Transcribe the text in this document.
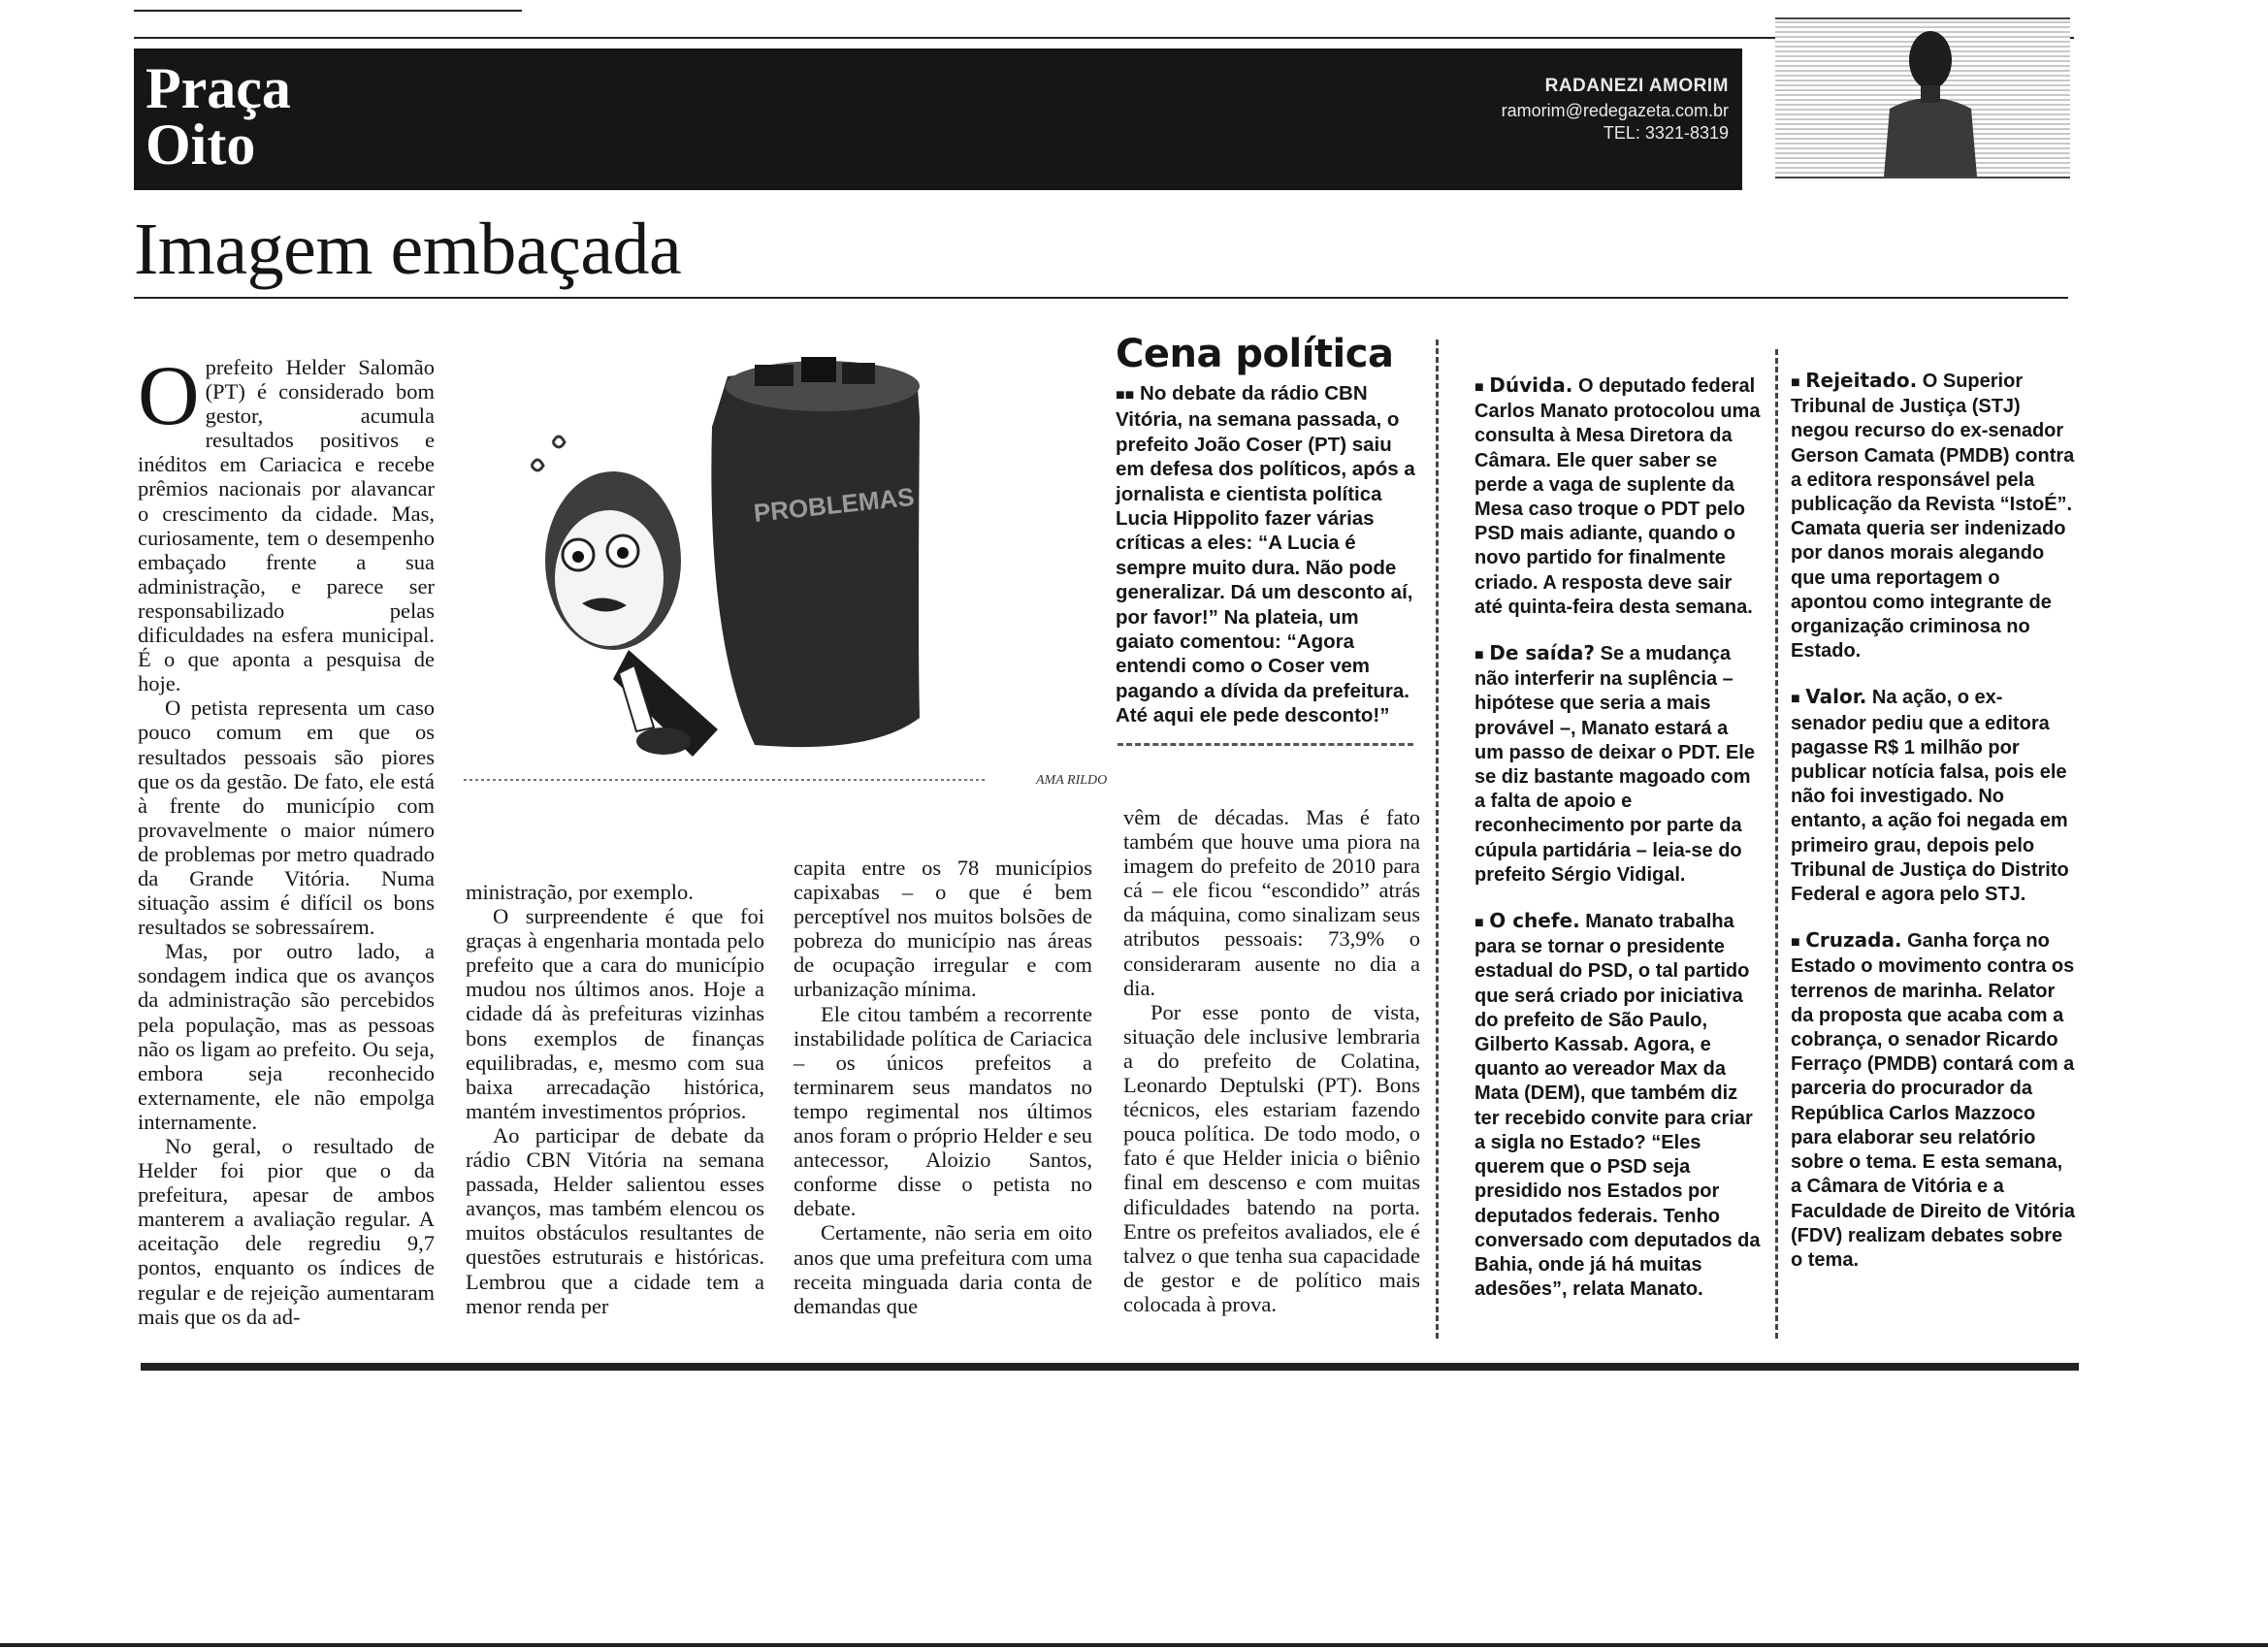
Praça
Oito
RADANEZI AMORIM
ramorim@redegazeta.com.br
TEL: 3321-8319
Imagem embaçada

Oprefeito Helder Salomão (PT) é considerado bom gestor, acumula resultados positivos e inéditos em Cariacica e recebe prêmios nacionais por alavancar o crescimento da cidade. Mas, curiosamente, tem o desempenho embaçado frente a sua administração, e parece ser responsabilizado pelas dificuldades na esfera municipal. É o que aponta a pesquisa de hoje.

O petista representa um caso pouco comum em que os resultados pessoais são piores que os da gestão. De fato, ele está à frente do município com provavelmente o maior número de problemas por metro quadrado da Grande Vitória. Numa situação assim é difícil os bons resultados se sobressaírem.

Mas, por outro lado, a sondagem indica que os avanços da administração são percebidos pela população, mas as pessoas não os ligam ao prefeito. Ou seja, embora seja reconhecido externamente, ele não empolga internamente.

No geral, o resultado de Helder foi pior que o da prefeitura, apesar de ambos manterem a avaliação regular. A aceitação dele regrediu 9,7 pontos, enquanto os índices de regular e de rejeição aumentaram mais que os da ad-

PROBLEMAS
AMA RILDO

ministração, por exemplo.

O surpreendente é que foi graças à engenharia montada pelo prefeito que a cara do município mudou nos últimos anos. Hoje a cidade dá às prefeituras vizinhas bons exemplos de finanças equilibradas, e, mesmo com sua baixa arrecadação histórica, mantém investimentos próprios.

Ao participar de debate da rádio CBN Vitória na semana passada, Helder salientou esses avanços, mas também elencou os muitos obstáculos resultantes de questões estruturais e históricas. Lembrou que a cidade tem a menor renda per

capita entre os 78 municípios capixabas – o que é bem perceptível nos muitos bolsões de pobreza do município nas áreas de ocupação irregular e com urbanização mínima.

Ele citou também a recorrente instabilidade política de Cariacica – os únicos prefeitos a terminarem seus mandatos no tempo regimental nos últimos anos foram o próprio Helder e seu antecessor, Aloizio Santos, conforme disse o petista no debate.

Certamente, não seria em oito anos que uma prefeitura com uma receita minguada daria conta de demandas que

vêm de décadas. Mas é fato também que houve uma piora na imagem do prefeito de 2010 para cá – ele ficou “escondido” atrás da máquina, como sinalizam seus atributos pessoais: 73,9% o consideraram ausente no dia a dia.

Por esse ponto de vista, situação dele inclusive lembraria a do prefeito de Colatina, Leonardo Deptulski (PT). Bons técnicos, eles estariam fazendo pouca política. De todo modo, o fato é que Helder inicia o biênio final em descenso e com muitas dificuldades batendo na porta. Entre os prefeitos avaliados, ele é talvez o que tenha sua capacidade de gestor e de político mais colocada à prova.

Cena política
■■ No debate da rádio CBN Vitória, na semana passada, o prefeito João Coser (PT) saiu em defesa dos políticos, após a jornalista e cientista política Lucia Hippolito fazer várias críticas a eles: “A Lucia é sempre muito dura. Não pode generalizar. Dá um desconto aí, por favor!” Na plateia, um gaiato comentou: “Agora entendi como o Coser vem pagando a dívida da prefeitura. Até aqui ele pede desconto!”

■ Dúvida. O deputado federal Carlos Manato protocolou uma consulta à Mesa Diretora da Câmara. Ele quer saber se perde a vaga de suplente da Mesa caso troque o PDT pelo PSD mais adiante, quando o novo partido for finalmente criado. A resposta deve sair até quinta-feira desta semana.

■ De saída? Se a mudança não interferir na suplência – hipótese que seria a mais provável –, Manato estará a um passo de deixar o PDT. Ele se diz bastante magoado com a falta de apoio e reconhecimento por parte da cúpula partidária – leia-se do prefeito Sérgio Vidigal.

■ O chefe. Manato trabalha para se tornar o presidente estadual do PSD, o tal partido que será criado por iniciativa do prefeito de São Paulo, Gilberto Kassab. Agora, e quanto ao vereador Max da Mata (DEM), que também diz ter recebido convite para criar a sigla no Estado? “Eles querem que o PSD seja presidido nos Estados por deputados federais. Tenho conversado com deputados da Bahia, onde já há muitas adesões”, relata Manato.

■ Rejeitado. O Superior Tribunal de Justiça (STJ) negou recurso do ex-senador Gerson Camata (PMDB) contra a editora responsável pela publicação da Revista “IstoÉ”. Camata queria ser indenizado por danos morais alegando que uma reportagem o apontou como integrante de organização criminosa no Estado.

■ Valor. Na ação, o ex-senador pediu que a editora pagasse R$ 1 milhão por publicar notícia falsa, pois ele não foi investigado. No entanto, a ação foi negada em primeiro grau, depois pelo Tribunal de Justiça do Distrito Federal e agora pelo STJ.

■ Cruzada. Ganha força no Estado o movimento contra os terrenos de marinha. Relator da proposta que acaba com a cobrança, o senador Ricardo Ferraço (PMDB) contará com a parceria do procurador da República Carlos Mazzoco para elaborar seu relatório sobre o tema. E esta semana, a Câmara de Vitória e a Faculdade de Direito de Vitória (FDV) realizam debates sobre o tema.
